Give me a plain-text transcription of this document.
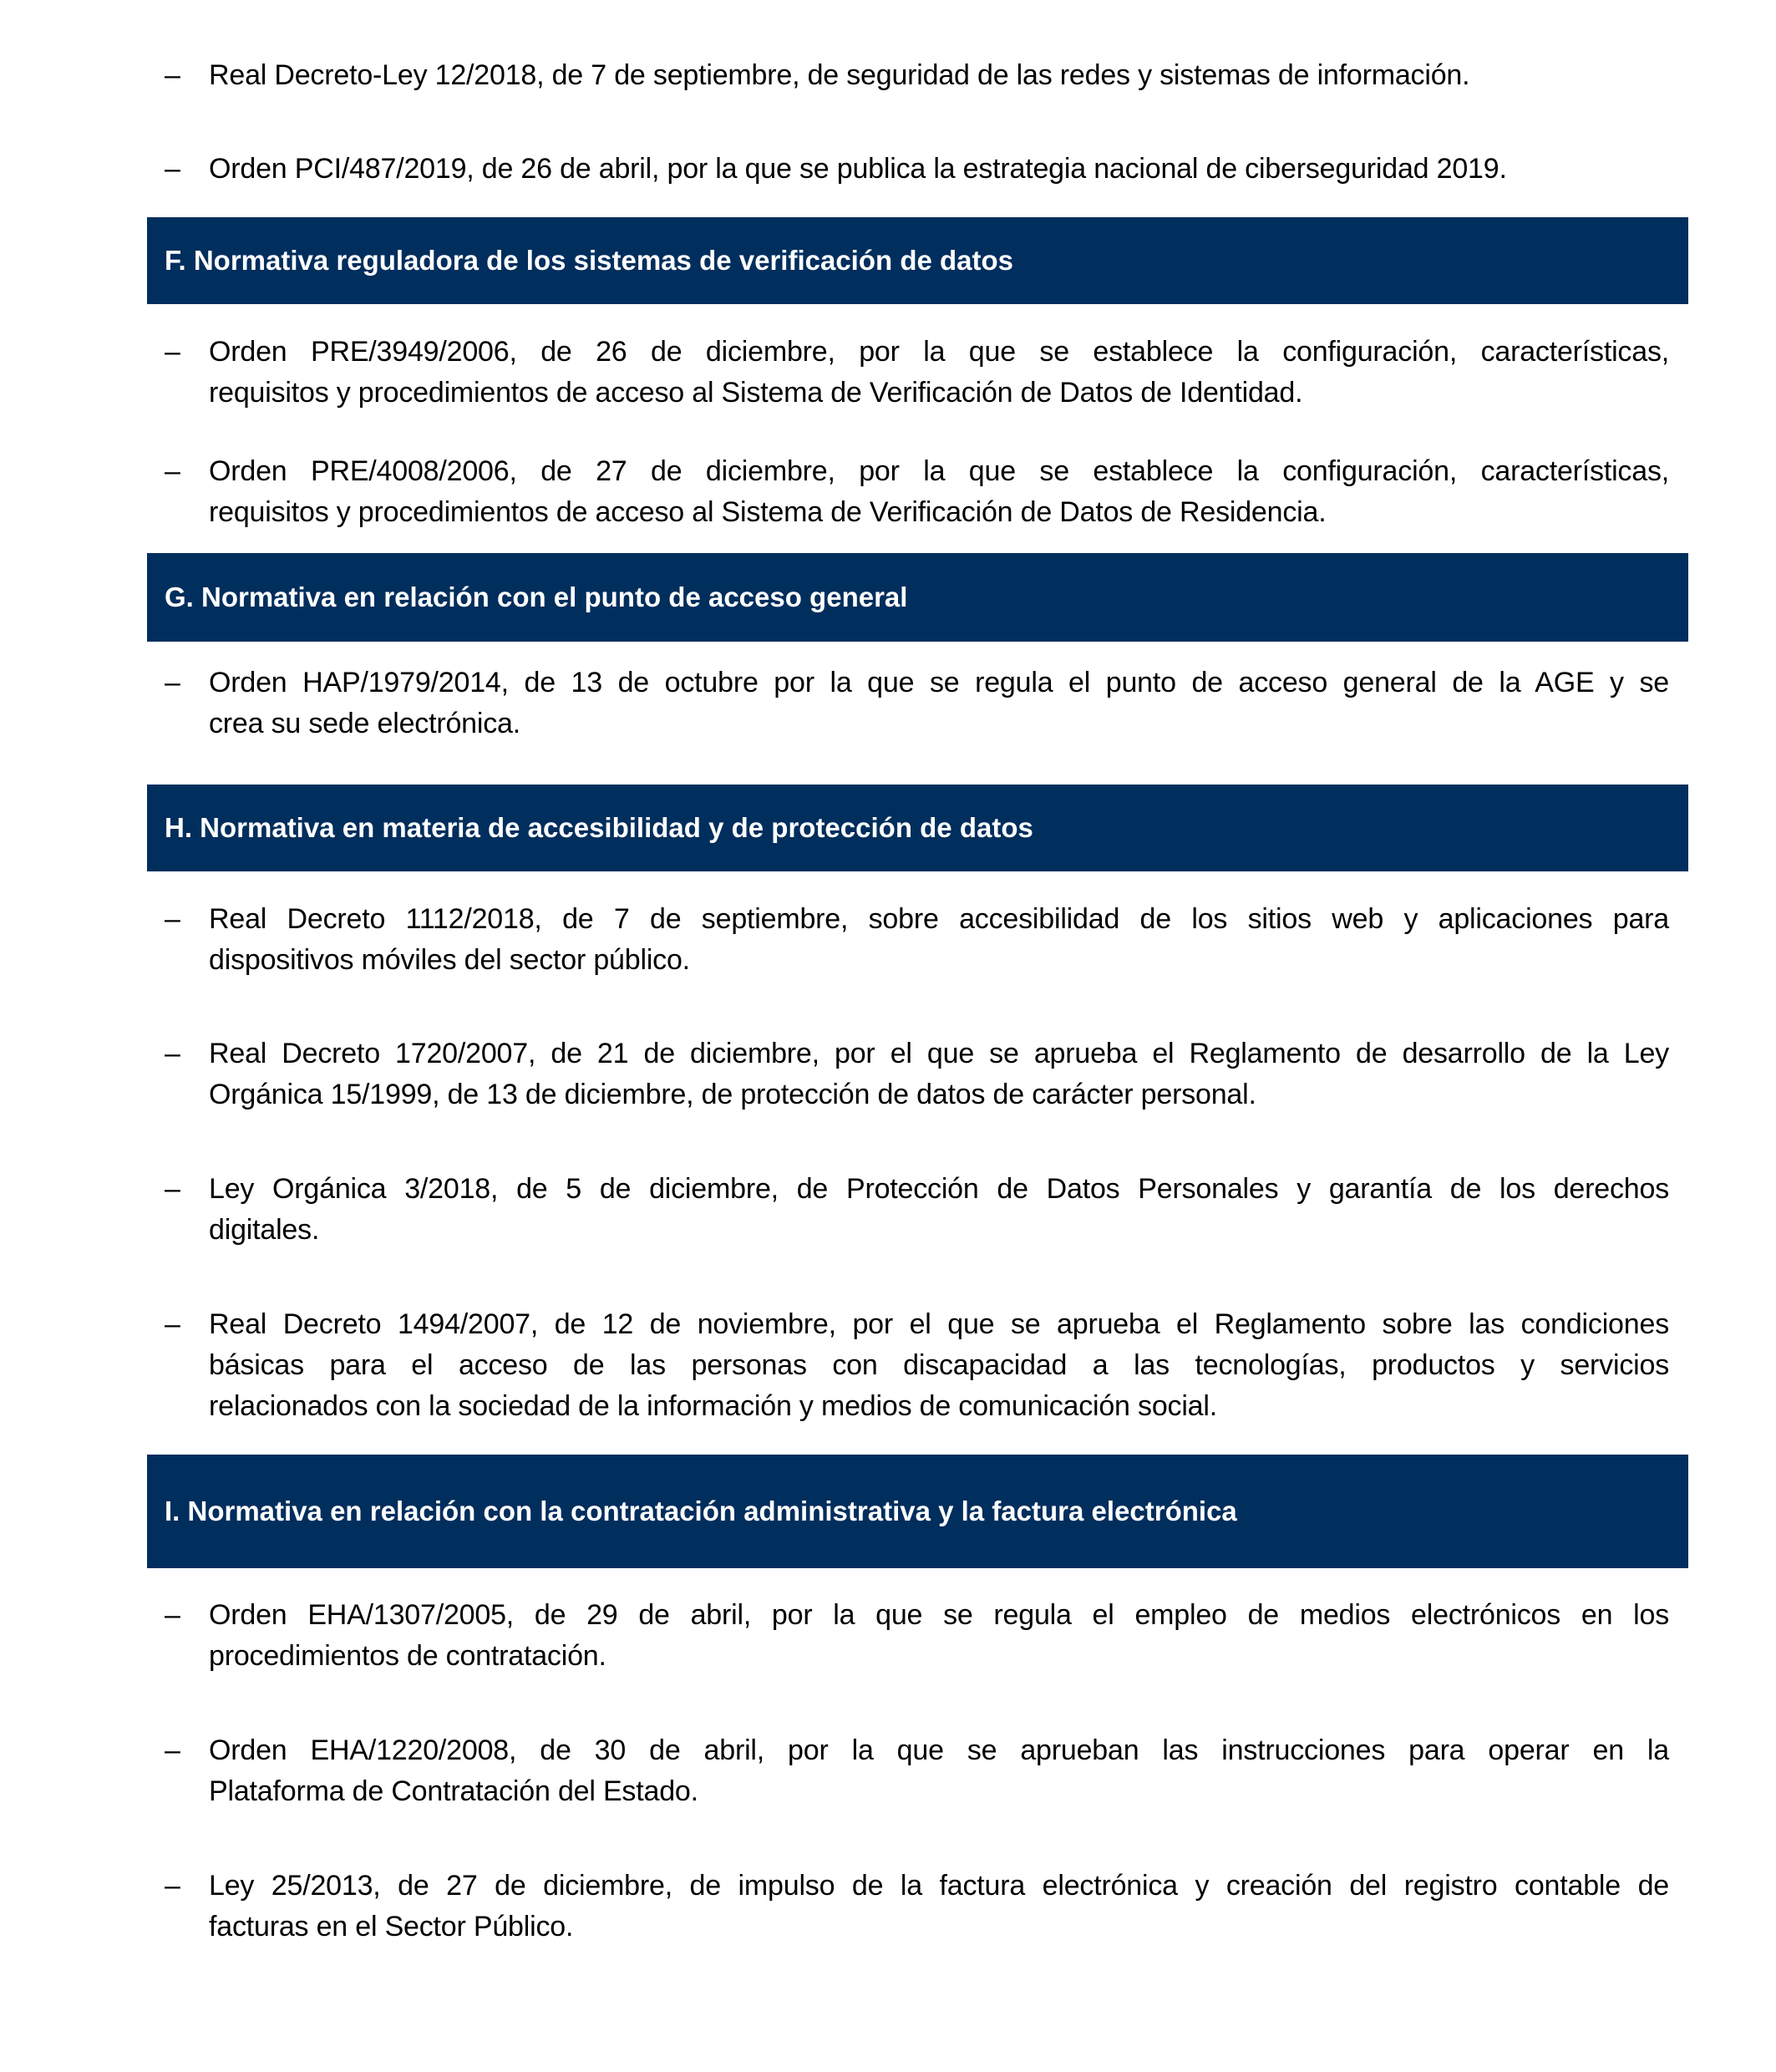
– Real Decreto-Ley 12/2018, de 7 de septiembre, de seguridad de las redes y sistemas de información.
– Orden PCI/487/2019, de 26 de abril, por la que se publica la estrategia nacional de ciberseguridad 2019.
F. Normativa reguladora de los sistemas de verificación de datos
– Orden PRE/3949/2006, de 26 de diciembre, por la que se establece la configuración, características,
requisitos y procedimientos de acceso al Sistema de Verificación de Datos de Identidad.
– Orden PRE/4008/2006, de 27 de diciembre, por la que se establece la configuración, características,
requisitos y procedimientos de acceso al Sistema de Verificación de Datos de Residencia.
G. Normativa en relación con el punto de acceso general
– Orden HAP/1979/2014, de 13 de octubre por la que se regula el punto de acceso general de la AGE y se
crea su sede electrónica.
H. Normativa en materia de accesibilidad y de protección de datos
– Real Decreto 1112/2018, de 7 de septiembre, sobre accesibilidad de los sitios web y aplicaciones para
dispositivos móviles del sector público.
– Real Decreto 1720/2007, de 21 de diciembre, por el que se aprueba el Reglamento de desarrollo de la Ley
Orgánica 15/1999, de 13 de diciembre, de protección de datos de carácter personal.
– Ley Orgánica 3/2018, de 5 de diciembre, de Protección de Datos Personales y garantía de los derechos
digitales.
– Real Decreto 1494/2007, de 12 de noviembre, por el que se aprueba el Reglamento sobre las condiciones
básicas para el acceso de las personas con discapacidad a las tecnologías, productos y servicios
relacionados con la sociedad de la información y medios de comunicación social.
I. Normativa en relación con la contratación administrativa y la factura electrónica
– Orden EHA/1307/2005, de 29 de abril, por la que se regula el empleo de medios electrónicos en los
procedimientos de contratación.
– Orden EHA/1220/2008, de 30 de abril, por la que se aprueban las instrucciones para operar en la
Plataforma de Contratación del Estado.
– Ley 25/2013, de 27 de diciembre, de impulso de la factura electrónica y creación del registro contable de
facturas en el Sector Público.
